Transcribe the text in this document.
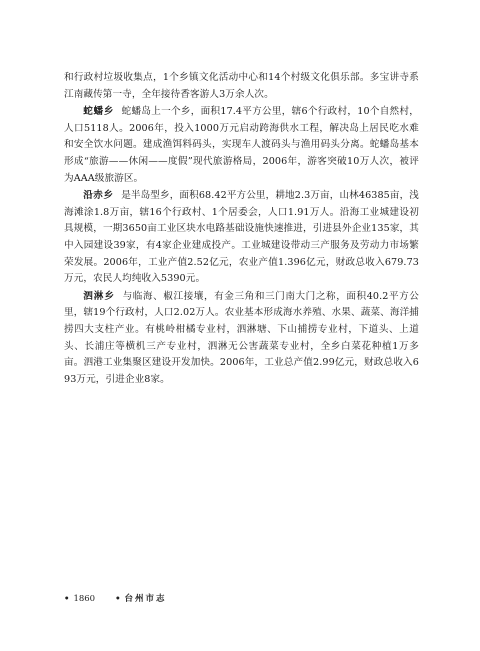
和行政村垃圾收集点，1个乡镇文化活动中心和14个村级文化俱乐部。多宝讲寺系江南藏传第一寺，全年接待香客游人3万余人次。

蛇蟠乡 蛇蟠岛上一个乡，面积17.4平方公里，辖6个行政村，10个自然村，人口5118人。2006年，投入1000万元启动跨海供水工程，解决岛上居民吃水难和安全饮水问题。建成渔饵料码头，实现车人渡码头与渔用码头分离。蛇蟠岛基本形成“旅游——休闲——度假”现代旅游格局，2006年，游客突破10万人次，被评为AAA级旅游区。

沿赤乡 是半岛型乡，面积68.42平方公里，耕地2.3万亩，山林46385亩，浅海滩涂1.8万亩，辖16个行政村、1个居委会，人口1.91万人。沿海工业城建设初具规模，一期3650亩工业区块水电路基础设施快速推进，引进县外企业135家，其中入园建设39家，有4家企业建成投产。工业城建设带动三产服务及劳动力市场繁荣发展。2006年，工业产值2.52亿元，农业产值1.396亿元，财政总收入679.73万元，农民人均纯收入5390元。

泗淋乡 与临海、椒江接壤，有金三角和三门南大门之称，面积40.2平方公里，辖19个行政村，人口2.02万人。农业基本形成海水养殖、水果、蔬菜、海洋捕捞四大支柱产业。有桃岭柑橘专业村，泗淋塘、下山捕捞专业村，下道头、上道头、长浦庄等横机三产专业村，泗淋无公害蔬菜专业村，全乡白菜花种植1万多亩。泗港工业集聚区建设开发加快。2006年，工业总产值2.99亿元，财政总收入693万元，引进企业8家。

• 1860 • 台州市志
